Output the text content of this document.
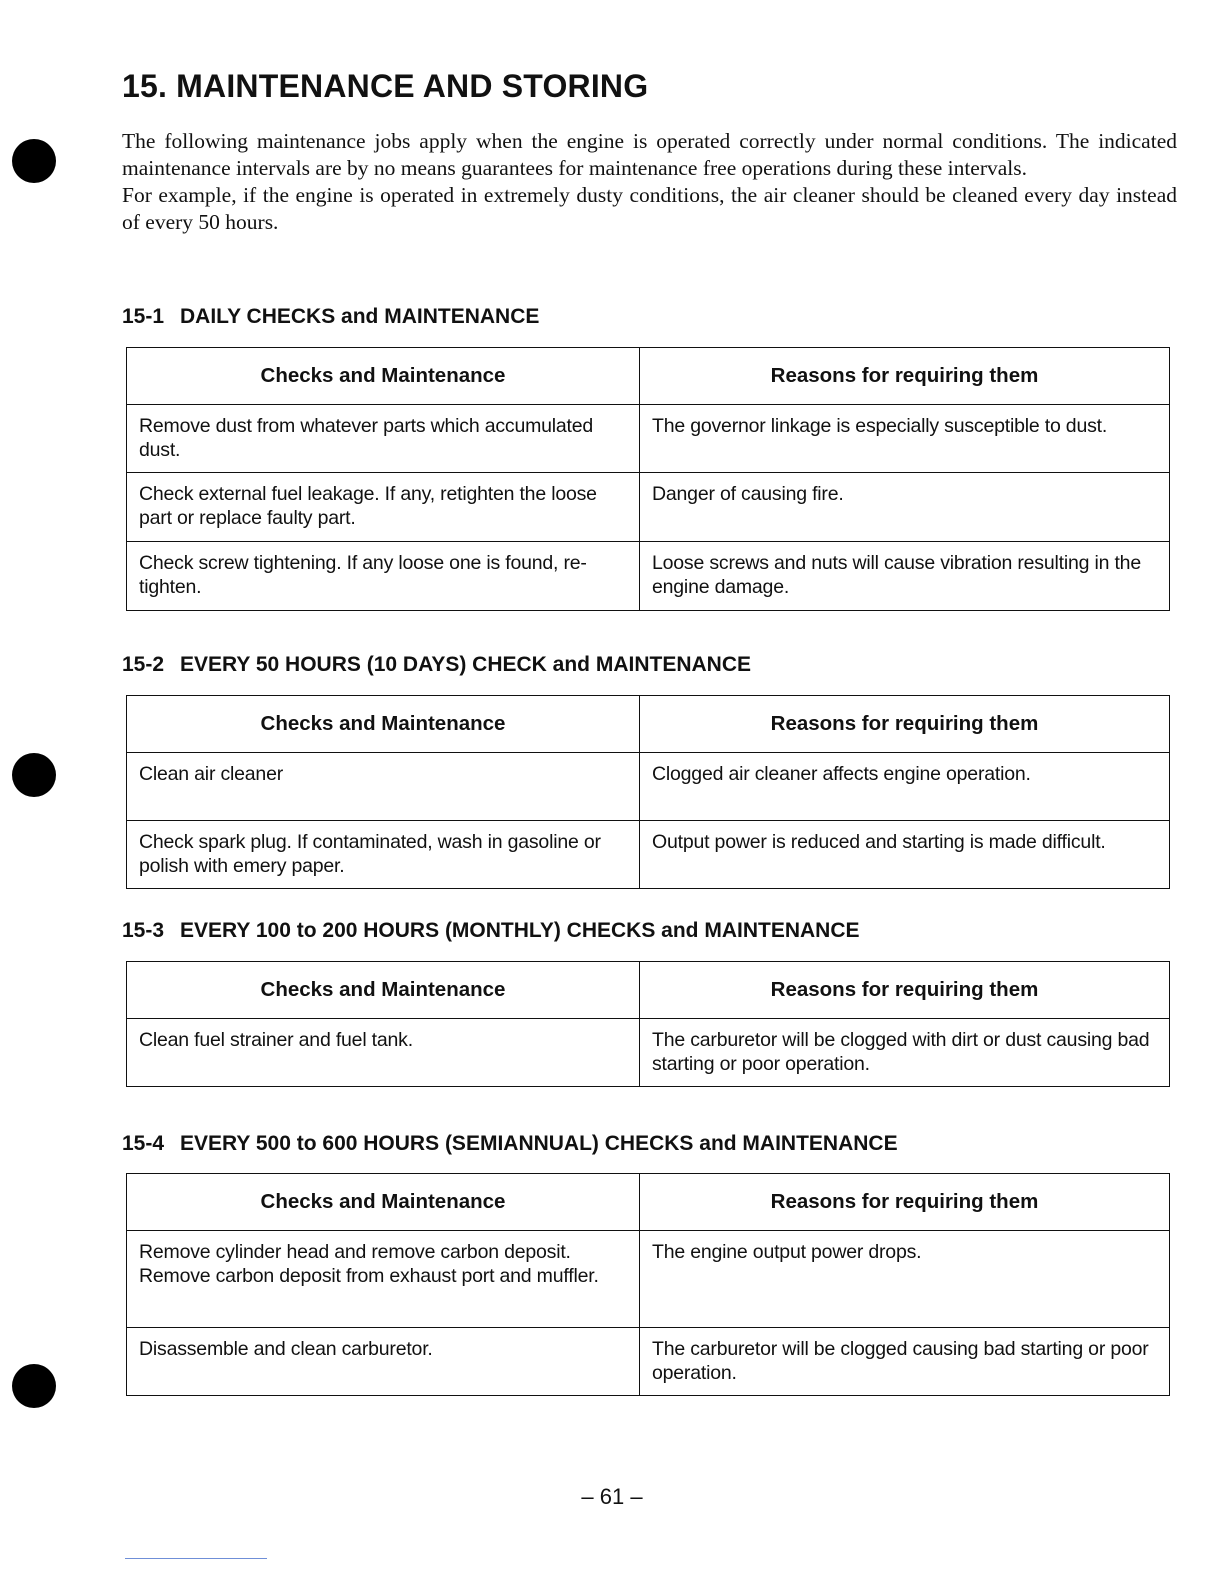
15. MAINTENANCE AND STORING

The following maintenance jobs apply when the engine is operated correctly under normal conditions. The indicated maintenance intervals are by no means guarantees for maintenance free operations during these intervals.

For example, if the engine is operated in extremely dusty conditions, the air cleaner should be cleaned every day instead of every 50 hours.

15-1 DAILY CHECKS and MAINTENANCE
Checks and Maintenance	Reasons for requiring them
Remove dust from whatever parts which accumulated dust.	The governor linkage is especially susceptible to dust.
Check external fuel leakage. If any, retighten the loose part or replace faulty part.	Danger of causing fire.
Check screw tightening. If any loose one is found, re-tighten.	Loose screws and nuts will cause vibration resulting in the engine damage.
15-2 EVERY 50 HOURS (10 DAYS) CHECK and MAINTENANCE
Checks and Maintenance	Reasons for requiring them
Clean air cleaner	Clogged air cleaner affects engine operation.
Check spark plug. If contaminated, wash in gasoline or polish with emery paper.	Output power is reduced and starting is made difficult.
15-3 EVERY 100 to 200 HOURS (MONTHLY) CHECKS and MAINTENANCE
Checks and Maintenance	Reasons for requiring them
Clean fuel strainer and fuel tank.	The carburetor will be clogged with dirt or dust causing bad starting or poor operation.
15-4 EVERY 500 to 600 HOURS (SEMIANNUAL) CHECKS and MAINTENANCE
Checks and Maintenance	Reasons for requiring them
Remove cylinder head and remove carbon deposit. Remove carbon deposit from exhaust port and muffler.	The engine output power drops.
Disassemble and clean carburetor.	The carburetor will be clogged causing bad starting or poor operation.
– 61 –
